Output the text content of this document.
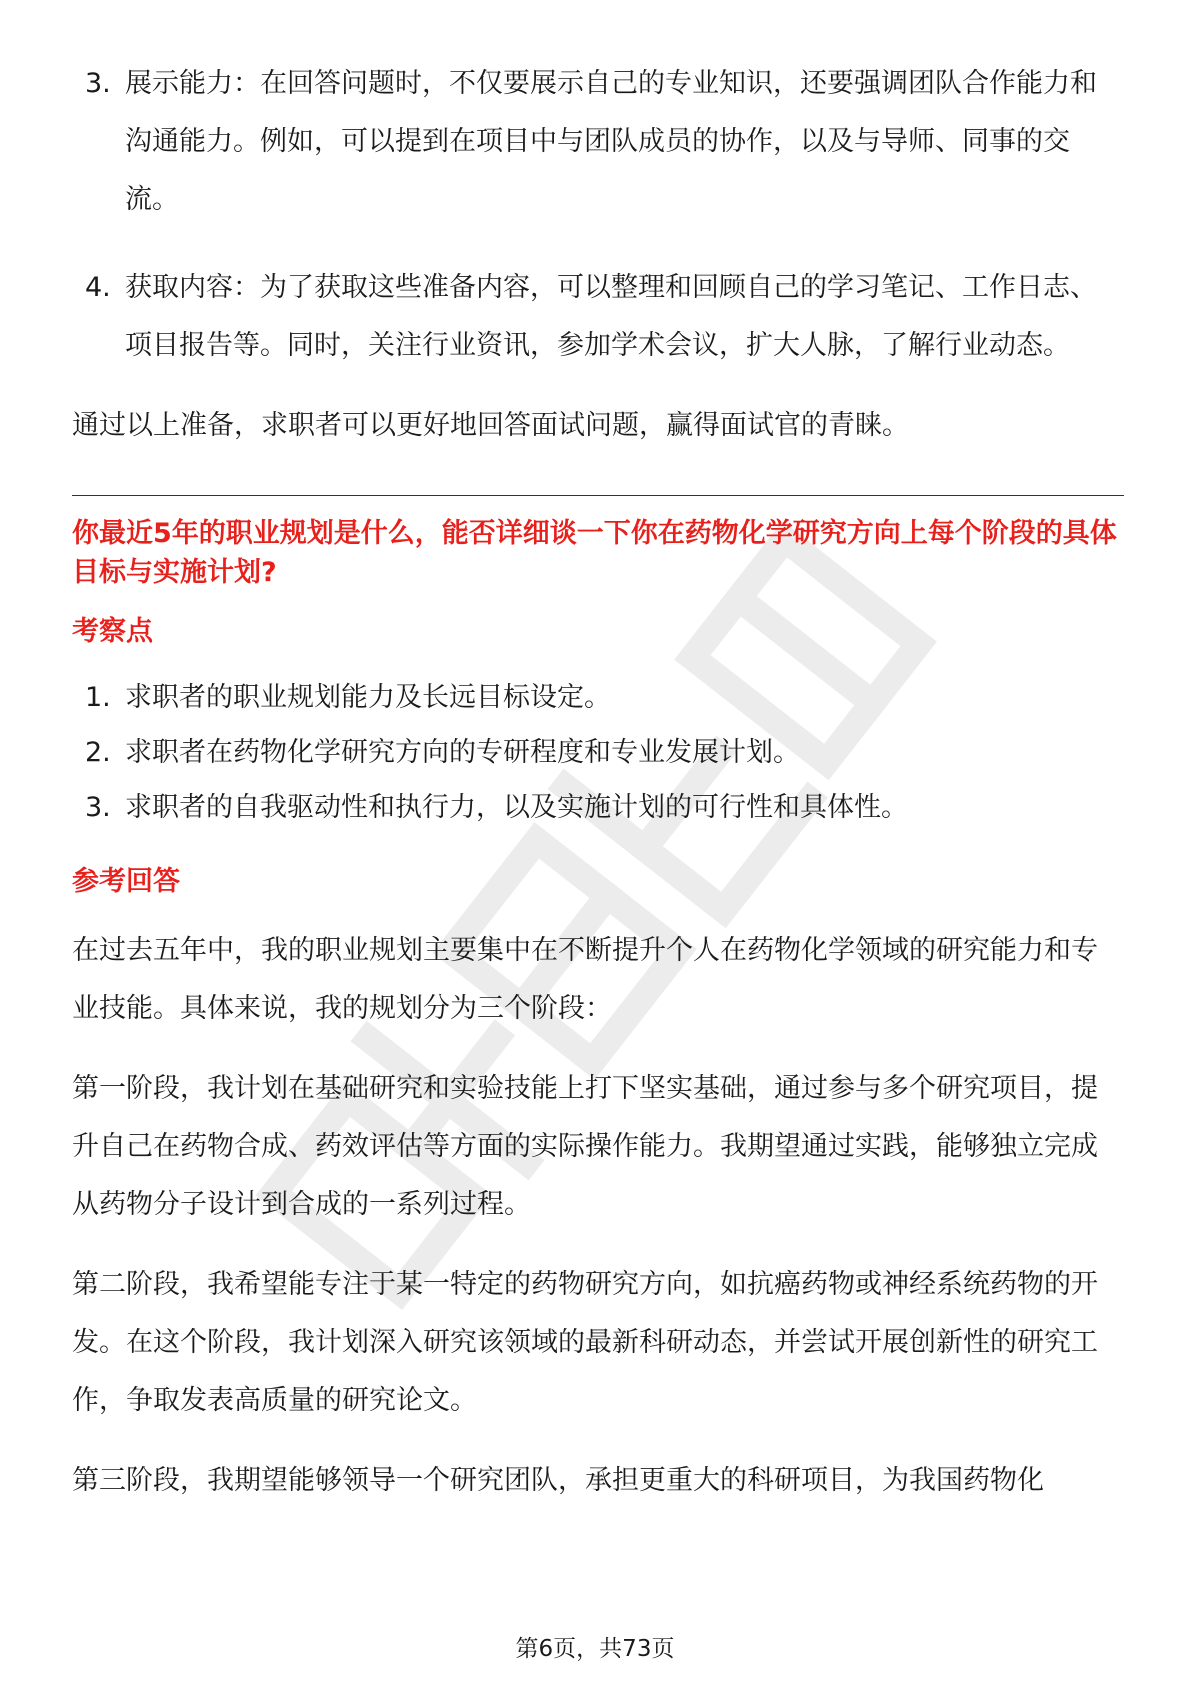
3. 展示能力：在回答问题时，不仅要展示自己的专业知识，还要强调团队合作能力和沟通能力。例如，可以提到在项目中与团队成员的协作，以及与导师、同事的交流。
4. 获取内容：为了获取这些准备内容，可以整理和回顾自己的学习笔记、工作日志、项目报告等。同时，关注行业资讯，参加学术会议，扩大人脉，了解行业动态。

通过以上准备，求职者可以更好地回答面试问题，赢得面试官的青睐。

你最近5年的职业规划是什么，能否详细谈一下你在药物化学研究方向上每个阶段的具体目标与实施计划?
考察点
1. 求职者的职业规划能力及长远目标设定。
2. 求职者在药物化学研究方向的专研程度和专业发展计划。
3. 求职者的自我驱动性和执行力，以及实施计划的可行性和具体性。
参考回答

在过去五年中，我的职业规划主要集中在不断提升个人在药物化学领域的研究能力和专业技能。具体来说，我的规划分为三个阶段：

第一阶段，我计划在基础研究和实验技能上打下坚实基础，通过参与多个研究项目，提升自己在药物合成、药效评估等方面的实际操作能力。我期望通过实践，能够独立完成从药物分子设计到合成的一系列过程。

第二阶段，我希望能专注于某一特定的药物研究方向，如抗癌药物或神经系统药物的开发。在这个阶段，我计划深入研究该领域的最新科研动态，并尝试开展创新性的研究工作，争取发表高质量的研究论文。

第三阶段，我期望能够领导一个研究团队，承担更重大的科研项目，为我国药物化

第6页，共73页
